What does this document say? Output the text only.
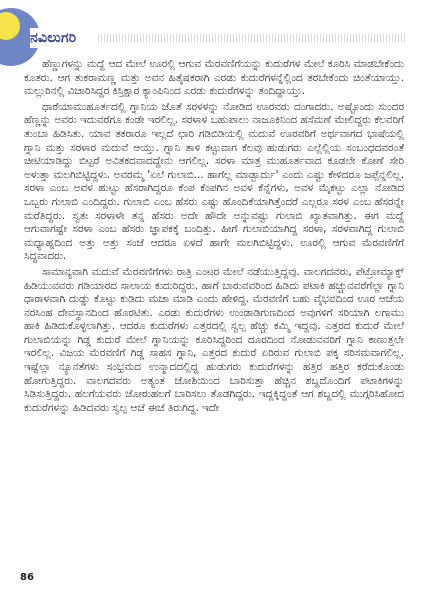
ನವಿಲುಗರಿ

ಹೆಣ್ಣುಗಳನ್ನು ಮದ್ದೆ ಆದ ಮೇಲೆ ಊರಲ್ಲಿ ಆಗುವ ಮೆರವಣಿಗೆಯನ್ನು ಕುದುರೆಗಳ ಮೇಲೆ ಕೂರಿಸಿ ಮಾಡಬೇಕೆಂದು ಕೂತರು. ಆಗ ತುಕರಾಮಣ್ಣ ಮತ್ತು ಅವನ ಹಿತೈಷಕರಾಗಿ ಎರಡು ಕುದುರೆಗಳನ್ನೆಲ್ಲಿಂದ ತರಬೇಕೆಂದು ಚಿಂತೆಯಾಯ್ತು. ಮಲ್ಲುರಿನಲ್ಲಿ ವಿಚಾರಿಸಿದ್ದರ ಕಿಸ್ತಿಕ್ಷಾರ ಕ್ಯಾಂಪಿನಿಂದ ಎರಡು ಕುದುರೆಗಳನ್ನು ತಂದಿದ್ದಾಯ್ತು.

ಧಾರೆಯಾಮುಹೂರ್ತದಲ್ಲಿ ಗ್ನಾನಿಯ ಜೊತೆ ಸರಳಳನ್ನು ನೋಡಿದ ಊರವರು ದಂಗಾದರು. ಅಷ್ಟೊಂದು ಸುಂದರ ಹೆಣ್ಣನ್ನು ಅವರು ಇದುವರೆಗೂ ಕಂಡೇ ಇರಲಿಲ್ಲ. ಸರಳಾಳ ಬಹುಪಾಲು ನಾಜೂಕಿನಿಂದ ಹಸೆಮಣೆ ಮೇಲಿದ್ದರು ಕೆಲವರಿಗೆ ತುಂಬಾ ಹಿಡಿಸಿತು. ಯಾವ ತಕರಾರೂ ಇಲ್ಲದೆ ಛಾರಿ ಗಡಿಬಿಡಿಯಲ್ಲಿ ಮದುವೆ ಊರವರಿಗೆ ಅರ್ಥವಾಗದ ಭಾಷೆಯಲ್ಲಿ ಗ್ನಾನಿ ಮತ್ತು ಸರಳಾರ ಮದುವೆ ಆಯ್ತು. ಗ್ನಾನಿ ತಾಳಿ ಕಟ್ಟುವಾಗ ಕೆಲವು ಹುಡುಗರು ಎಲ್ಲೆಲ್ಲಿಯ ಸಂಬಂಧದವರಂತೆ ಚೀಟಿಯಾಡಿದ್ದು ಬಿಟ್ಟರೆ ಅವಿತಕದವಾದದ್ದೇನು ಆಗಲಿಲ್ಲ. ಸರಳಾ ಮಾತ್ರ ಮುಹೂರ್ತವಾದ ಕೂಡಲೇ ಕೋಣೆ ಸೇರಿ ಅಳುತ್ತಾ ಮಲಗಿಬಿಟ್ಟಿದ್ದಳು. ಅವರಮ್ಮ 'ಏಲೆ ಗುಲಾಬಿ... ಹಾಗೆಲ್ಲ ಮಾಡ್ಬಾರ್ದು' ಎಂದು ಎಷ್ಟು ಕೇಳಿದರೂ ಜಪ್ಪೆನ್ನಲಿಲ್ಲ. ಸರಳಾ ಎಂಬ ಅವಳ ಹುಟ್ಟು ಹೆಸರಾಗಿದ್ದರೂ ಕೆಂಪ ಕೆಂಪಗಿನ ಅವಳ ಕೆನ್ನೆಗಳು, ಅವಳ ಮೈಕಟ್ಟು ಎಲ್ಲಾ ನೋಡಿದ ಒಬ್ಬರು ಗುಲಾಬಿ ಎಂದಿದ್ದರು. ಗುಲಾಬಿ ಎಂಬ ಹೆಸರು ಎಷ್ಟು ಹೊಂದಿಕೆಯಾಗಿತ್ತೆಂದರೆ ಎಲ್ಲರೂ ಸರಳ ಎಂಬ ಹೆಸರನ್ನೇ ಮರೆತಿದ್ದರು. ಸ್ವತಃ ಸರಳಾಳೇ ತನ್ನ ಹೆಸರು ಅದೇ ಹೌದೇ ಅನ್ನುವಷ್ಟು ಗುಲಾಬಿ ಖ್ಯಾತವಾಗಿತ್ತು. ಈಗ ಮದ್ದೆ ಆಗುವಾಗಷ್ಟೇ ಸರಳಾ ಎಂಬ ಹೆಸರು ಜ್ಞಾಪಕಕ್ಕೆ ಬಂದಿತ್ತು. ಹೀಗೆ ಗುಲಾಬಿಯಾಗಿದ್ದ ಸರಳಾ, ಸರಳವಾಗಿದ್ದ ಗುಲಾಬಿ ಮಧ್ಯಾಹ್ನದಿಂದ ಅತ್ತು ಅತ್ತು ಸಂಜೆ ಆದರೂ ಏಳದೆ ಹಾಗೇ ಮಲಗಿಬಿಟ್ಟಿದ್ದಳು. ಊರಲ್ಲಿ ಆಗುವ ಮೆರವಣಿಗೆಗೆ ಸಿದ್ಧವಾದರು.

ಸಾಮಾನ್ಯವಾಗಿ ಮದುವೆ ಮೆರವಣಿಗೆಗಳು ರಾತ್ರಿ ಎಂಟರ ಮೇಲೆ ನಡೆಯುತ್ತಿದ್ದವು. ವಾಲಗದವರು, ಪೆಟ್ರೋಮ್ಯಾಕ್ಸ್ ಹಿಡಿಯುವವರು ಗಡಿಯಾರದ ಸಾಲಾಯ ಕುದುರಿದ್ದರು. ಹಾಗೆ ಬಾರುವವರಿಂದ ಹಿಡಿದು ಪಟಾಕಿ ಹಚ್ಚುವವರೆಗೆಲ್ಲಾ ಗ್ನಾನಿ ಧಾರಾಳವಾಗಿ ದುಡ್ಡು ಕೊಟ್ಟು ಕುಡಿದು ಮಜಾ ಮಾಡಿ ಎಂದು ಹೇಳಿದ್ದ. ಮೆರವಣಿಗೆ ಬಹು ವೈಭವದಿಂದ ಊರ ಆಚೆಯ ನರಸಿಂಹ ದೇವಸ್ಥಾನದಿಂದ ಹೊರಟಿತು. ಎರಡು ಕುದುರೆಗಳು ಉಂಡಾಡಿಗುಣದಿಂದ ಅವುಗಳಿಗೆ ಸರಿಯಾಗಿ ಲಗಾಮು ಹಾಕಿ ಹಿಡಿದುಕೊಳ್ಳಲಾಗಿತ್ತು. ಆದರೂ ಕುದುರೆಗಳು ಎತ್ತರದಲ್ಲಿ ಸ್ವಲ್ಪ ಹೆಚ್ಚು ಕಮ್ಮಿ ಇದ್ದವು. ಎತ್ತರದ ಕುದುರೆ ಮೇಲೆ ಗುಲಾಬಿಯನ್ನು ಗಿಡ್ಡ ಕುದುರೆ ಮೇಲೆ ಗ್ನಾನಿಯನ್ನು ಕೂರಿಸಿದ್ದರಿಂದ ದೂರದಿಂದ ನೋಡುವವರಿಗೆ ಗ್ನಾನಿ ಕಾಣುತ್ತಲೇ ಇರಲಿಲ್ಲ. ವಿಜಯ ಮೆರವಣಿಗೆ ಗಿಡ್ಡ ಸಾಹಸ ಗ್ನಾನಿ, ಎತ್ತರದ ಕುದುರೆ ಏರಿರುವ ಗುಲಾಬಿ ಪಕ್ಕ ಸರಿಸಮವಾಗಲಿಲ್ಲ. ಇಷ್ಟೆಲ್ಲಾ ನ್ಯೂನತೆಗಳು ಸಂಭ್ರಮದ ಉನ್ಮಾದದಲ್ಲಿದ್ದ ಹುಡುಗರು ಕುದುರೆಗಳನ್ನು ಹತ್ತಿರ ಹತ್ತಿರ ಕರೆದುಕೊಂಡು ಹೋಗುತ್ತಿದ್ದರು. ವಾಲಗದವರು ಅತ್ಯಂತ ಜೋಶಿಯಿಂದ ಬಾರಿಸುತ್ತಾ ಹೆಚ್ಚಿನ ಶಬ್ದದೊಂದಿಗೆ ಪಟಾಕಿಗಳನ್ನು ಸಿಡಿಸುತ್ತಿದ್ದರು. ಹಲಗೆಯವರು ಜೋರುಹಲಗೆ ಬಾರಿಸಲು ತೊಡಗಿದ್ದರು. ಇದ್ದಕ್ಕಿದ್ದಂತೆ ಆಗ ಶಬ್ದದಲ್ಲಿ ಮುಗ್ಗರಿಸಿಹೋದ ಕುದುರೆಗಳನ್ನು ಹಿಡಿದವರು ಸ್ವಲ್ಪ ಆಚೆ ಈಚೆ ತಿರುಗಿದ್ದ. ಇದೇ

86
